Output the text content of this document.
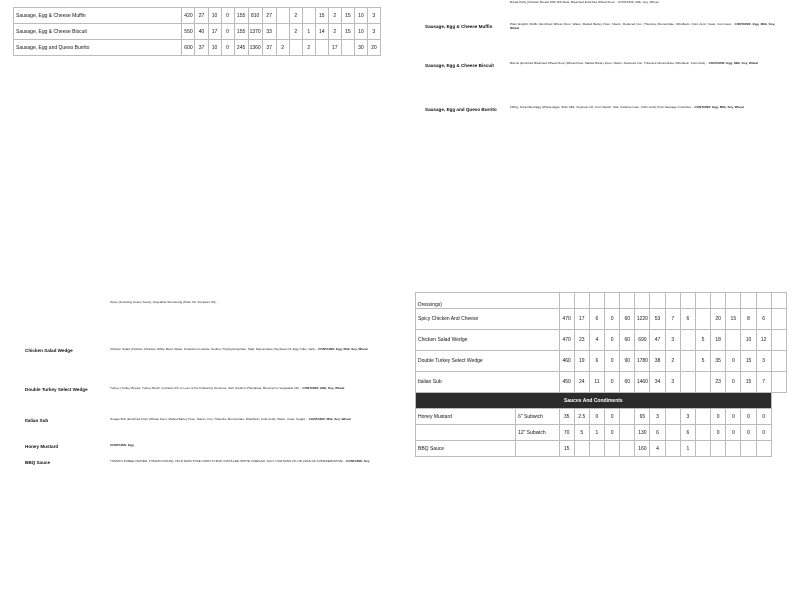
Sausage, Egg & Cheese Muffin	420	27	10	0	155	810	27		2		15	2	15	10	3
Sausage, Egg & Cheese Biscuit	550	40	17	0	155	1370	33		2	1	14	2	15	10	3
Sausage, Egg and Queso Burrito	600	37	10	0	245	1360	37	2		2		17		30	20
Bread Patty (Chicken Breast With Rib Meat, Bleached Enriched Wheat Flour... CONTAINS: Milk, Soy, Wheat
Sausage, Egg & Cheese Muffin	Plain English Muffin (Enriched Wheat Flour, Water, Malted Barley Flour, Niacin, Reduced Iron, Thiamine Mononitrate, Riboflavin, Folic Acid, Yeast, Cornmeal... CONTAINS: Egg, Milk, Soy, Wheat
Sausage, Egg & Cheese Biscuit	Biscuit (Enriched Bleached Wheat Flour (Wheat Flour, Malted Barley Flour, Niacin, Reduced Iron, Thiamine Mononitrate, Riboflavin, Folic Acid)... CONTAINS: Egg, Milk, Soy, Wheat
Sausage, Egg and Queso Burrito	Filling: Scrambled Egg (Whole Eggs, Skim Milk, Soybean Oil, Corn Starch, Salt, Xanthan Gum, Citric Acid), Pork Sausage Crumbles... CONTAINS: Egg, Milk, Soy, Wheat
Spice (Including Celery Seed), Vegetable Shortening (Palm Oil, Soybean Oil)...
Chicken Salad Wedge	Chicken Salad (Chicken (Chicken White Meat, Water, Potassium Lactate, Sodium Tripolyphosphate, Salt), Mayonnaise (Soybean Oil, Egg Yolks, Salt)... CONTAINS: Egg, Milk, Soy, Wheat
Double Turkey Select Wedge	Turkey (Turkey Breast, Turkey Broth, Contains 2% or Less of the Following: Dextrose, Salt, Sodium Phosphate, Browned in Vegetable Oil)... CONTAINS: Milk, Soy, Wheat
Italian Sub	Hoagie Bun (Enriched Flour (Wheat Flour, Malted Barley Flour, Niacin, Iron, Thiamine Mononitrate, Riboflavin, Folic Acid), Water, Yeast, Sugar)... CONTAINS: Milk, Soy, Wheat
Honey Mustard	CONTAINS: Egg
BBQ Sauce	TOMATO PUREE (WATER, TOMATO PASTE), HIGH FRUCTOSE CORN SYRUP, DISTILLED WHITE VINEGAR, SALT, CONTAINS 2% OR LESS OF A PRESERVATIVE... CONTAINS: Soy
Dressings)																
Spicy Chicken And Cheese		470	17	6	0	60	1220	53	7	6		20	15	8	6	
Chicken Salad Wedge		470	23	4	0	60	690	47	3		5	18		10	12	
Double Turkey Select Wedge		460	19	6	0	90	1780	38	2		5	35	0	15	3	
Italian Sub		450	24	11	0	60	1460	34	3			23	0	15	7	
Sauces And Condiments																
Honey Mustard	6" Subwich	35	2.5	0	0		65	3		3		0	0	0	0	
	12" Subwich	70	5	1	0		130	6		6		0	0	0	0	
BBQ Sauce		15					160	4		1						
